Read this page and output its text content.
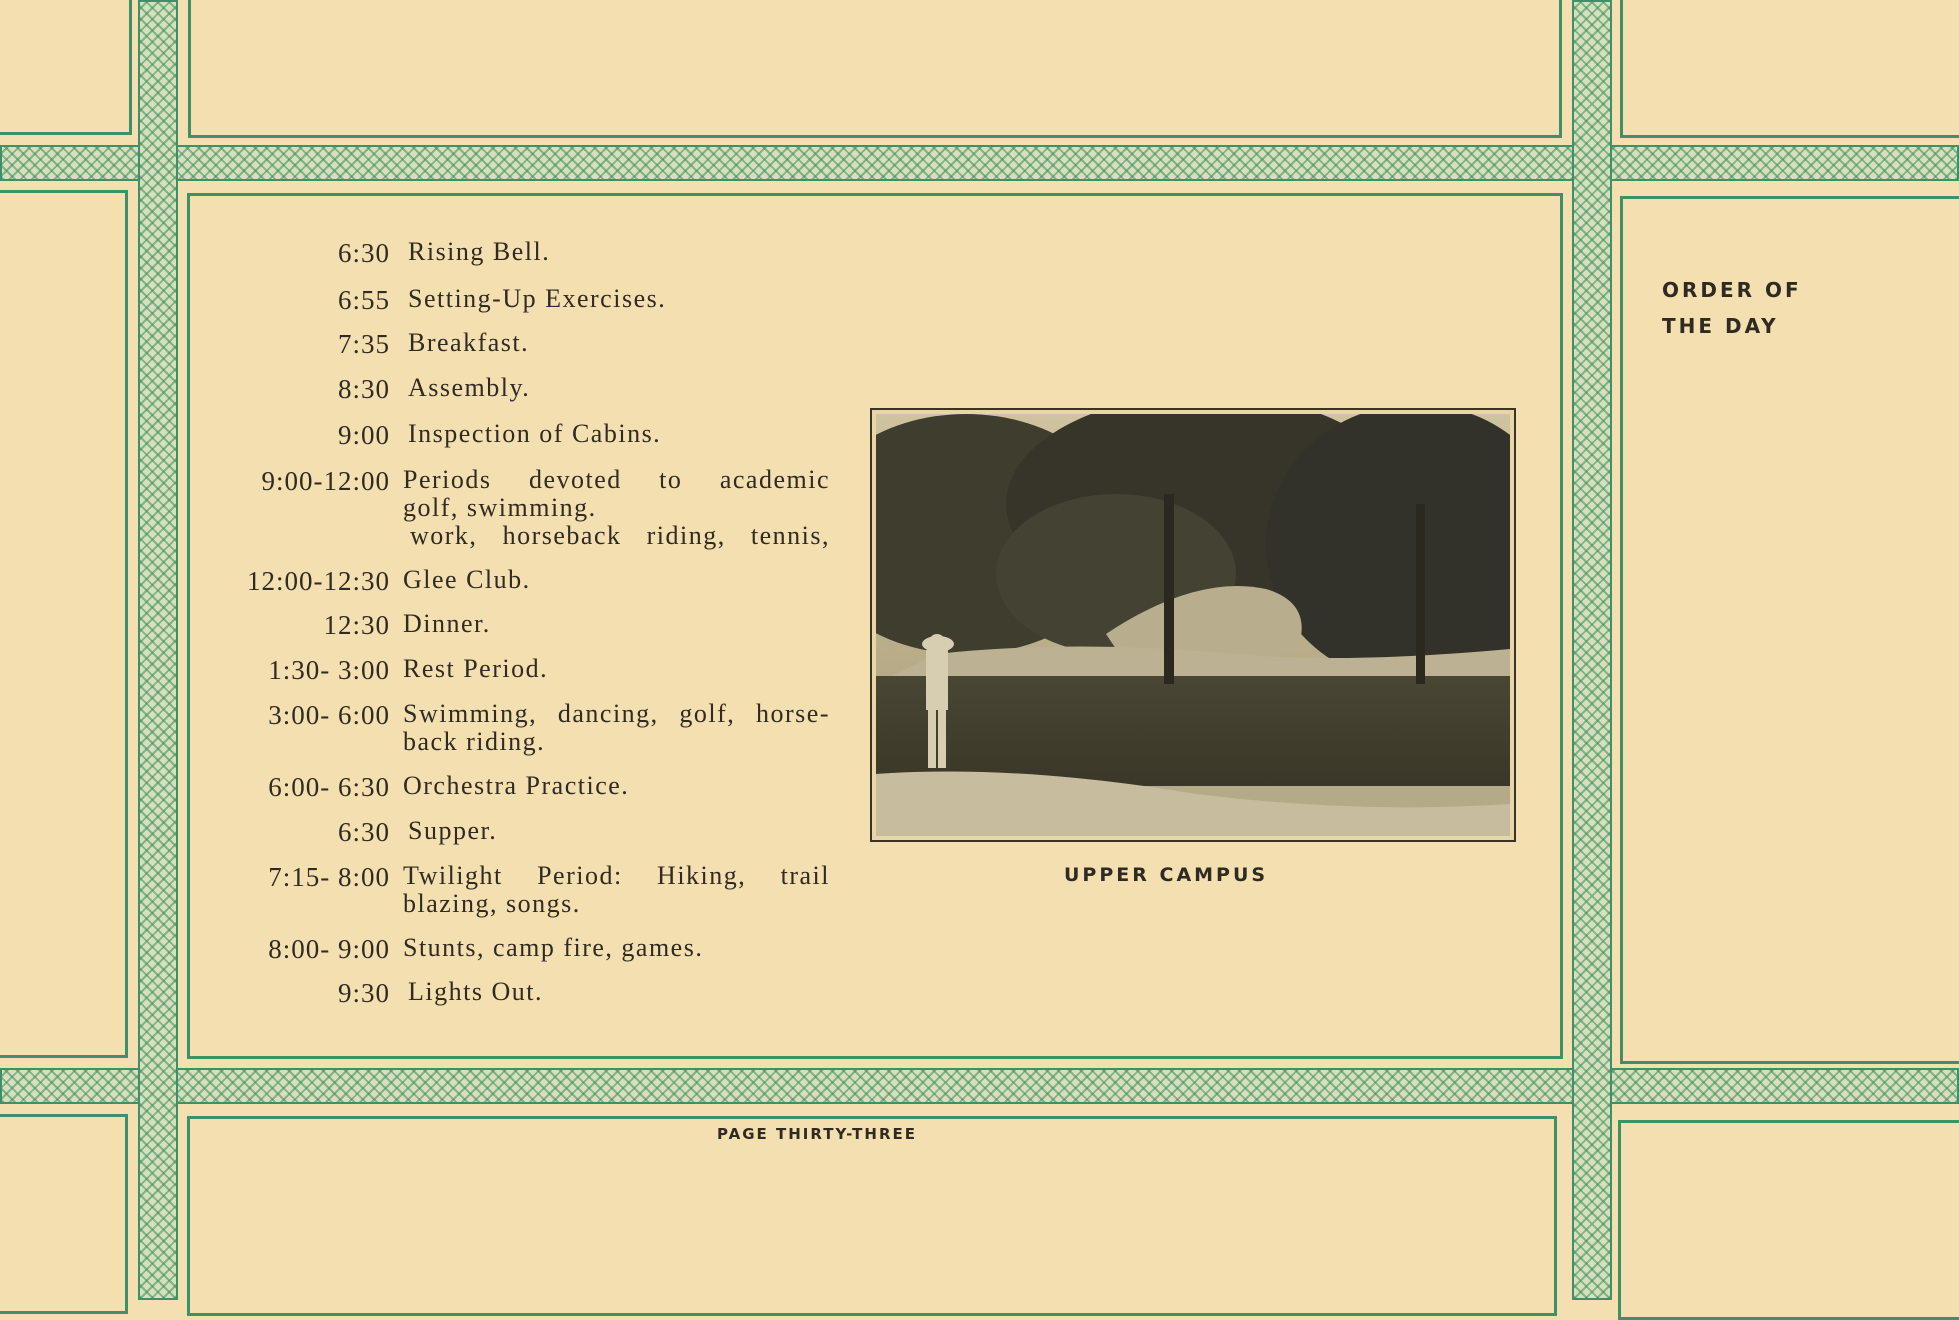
ORDER OF
THE DAY
6:30 Rising Bell.
6:55 Setting-Up Exercises.
7:35 Breakfast.
8:30 Assembly.
9:00 Inspection of Cabins.
9:00-12:00 Periods devoted to academic
golf, swimming.
work, horseback riding, tennis,
12:00-12:30 Glee Club.
12:30 Dinner.
1:30- 3:00 Rest Period.
3:00- 6:00 Swimming, dancing, golf, horse-
back riding.
6:00- 6:30 Orchestra Practice.
6:30 Supper.
7:15- 8:00 Twilight Period: Hiking, trail
blazing, songs.
8:00- 9:00 Stunts, camp fire, games.
9:30 Lights Out.
UPPER CAMPUS
PAGE THIRTY-THREE
